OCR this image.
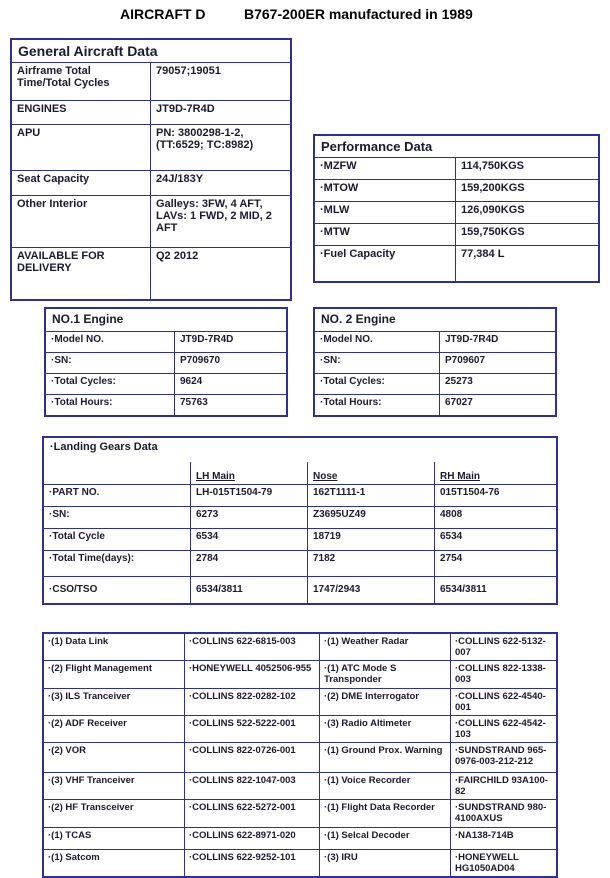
AIRCRAFT D	B767-200ER manufactured in 1989
General Aircraft Data	
Airframe Total Time/Total Cycles	79057;19051
ENGINES	JT9D-7R4D
APU	PN: 3800298-1-2, (TT:6529; TC:8982)
Seat Capacity	24J/183Y
Other Interior	Galleys: 3FW, 4 AFT, LAVs: 1 FWD, 2 MID, 2 AFT
AVAILABLE FOR DELIVERY	Q2 2012
Performance Data	
· MZFW	114,750KGS
· MTOW	159,200KGS
· MLW	126,090KGS
· MTW	159,750KGS
· Fuel Capacity	77,384 L
NO.1 Engine	
· Model NO.	JT9D-7R4D
· SN:	P709670
· Total Cycles:	9624
· Total Hours:	75763
NO. 2 Engine	
· Model NO.	JT9D-7R4D
· SN:	P709607
· Total Cycles:	25273
· Total Hours:	67027
· Landing Gears Data
	LH Main	Nose	RH Main
· PART NO.	LH-015T1504-79	162T1111-1	015T1504-76
· SN:	6273	Z3695UZ49	4808
· Total Cycle	6534	18719	6534
· Total Time(days):	2784	7182	2754
· CSO/TSO	6534/3811	1747/2943	6534/3811
· (1) Data Link	· COLLINS 622-6815-003	· (1) Weather Radar	· COLLINS 622-5132-007
· (2) Flight Management	· HONEYWELL 4052506-955	· (1) ATC Mode S Transponder	· COLLINS 822-1338-003
· (3) ILS Tranceiver	· COLLINS 822-0282-102	· (2) DME Interrogator	· COLLINS 622-4540-001
· (2) ADF Receiver	· COLLINS 522-5222-001	· (3) Radio Altimeter	· COLLINS 622-4542-103
· (2) VOR	· COLLINS 822-0726-001	· (1) Ground Prox. Warning	· SUNDSTRAND 965-0976-003-212-212
· (3) VHF Tranceiver	· COLLINS 822-1047-003	· (1) Voice Recorder	· FAIRCHILD 93A100-82
· (2) HF Transceiver	· COLLINS 622-5272-001	· (1) Flight Data Recorder	· SUNDSTRAND 980-4100AXUS
· (1) TCAS	· COLLINS 622-8971-020	· (1) Selcal Decoder	· NA138-714B
· (1) Satcom	· COLLINS 622-9252-101	· (3) IRU	· HONEYWELL HG1050AD04
